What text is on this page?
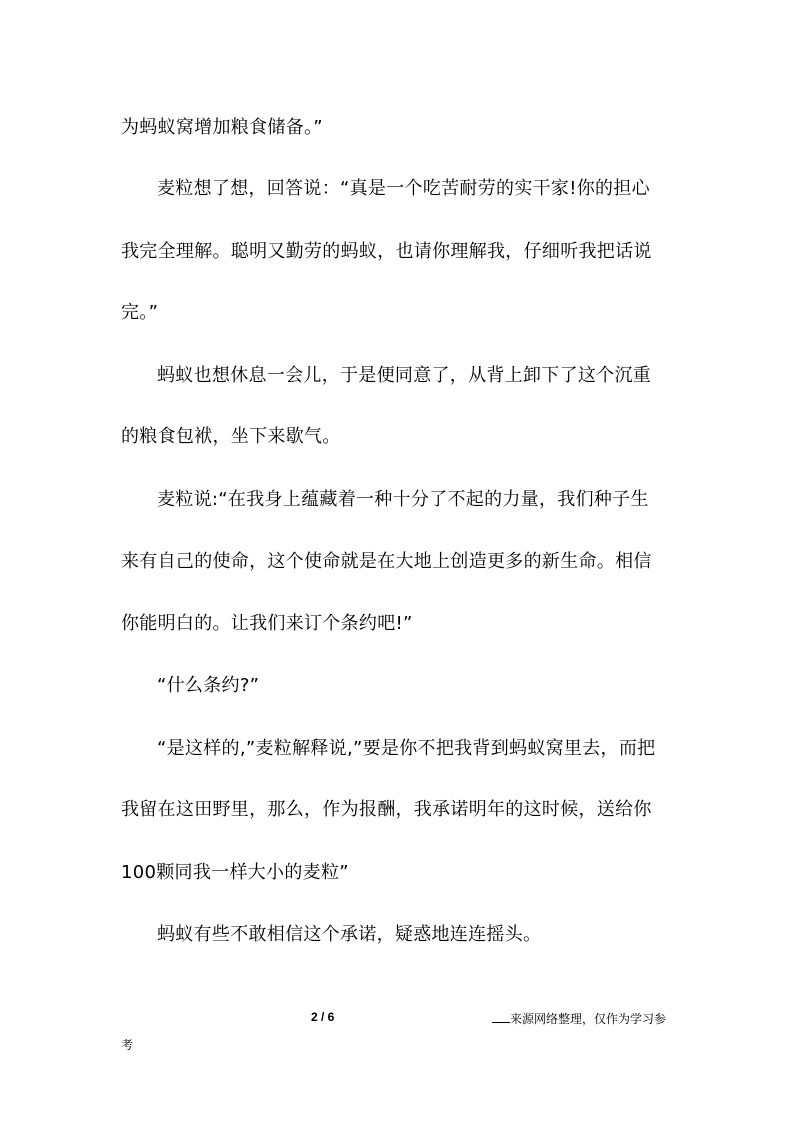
为蚂蚁窝增加粮食储备。”
麦粒想了想，回答说：“真是一个吃苦耐劳的实干家!你的担心
我完全理解。聪明又勤劳的蚂蚁，也请你理解我，仔细听我把话说
完。”
蚂蚁也想休息一会儿，于是便同意了，从背上卸下了这个沉重
的粮食包袱，坐下来歇气。
麦粒说:“在我身上蕴藏着一种十分了不起的力量，我们种子生
来有自己的使命，这个使命就是在大地上创造更多的新生命。相信
你能明白的。让我们来订个条约吧!”
“什么条约?”
“是这样的,”麦粒解释说,”要是你不把我背到蚂蚁窝里去，而把
我留在这田野里，那么，作为报酬，我承诺明年的这时候，送给你
100颗同我一样大小的麦粒”
蚂蚁有些不敢相信这个承诺，疑惑地连连摇头。
2 / 6	来源网络整理，仅作为学习参
考
